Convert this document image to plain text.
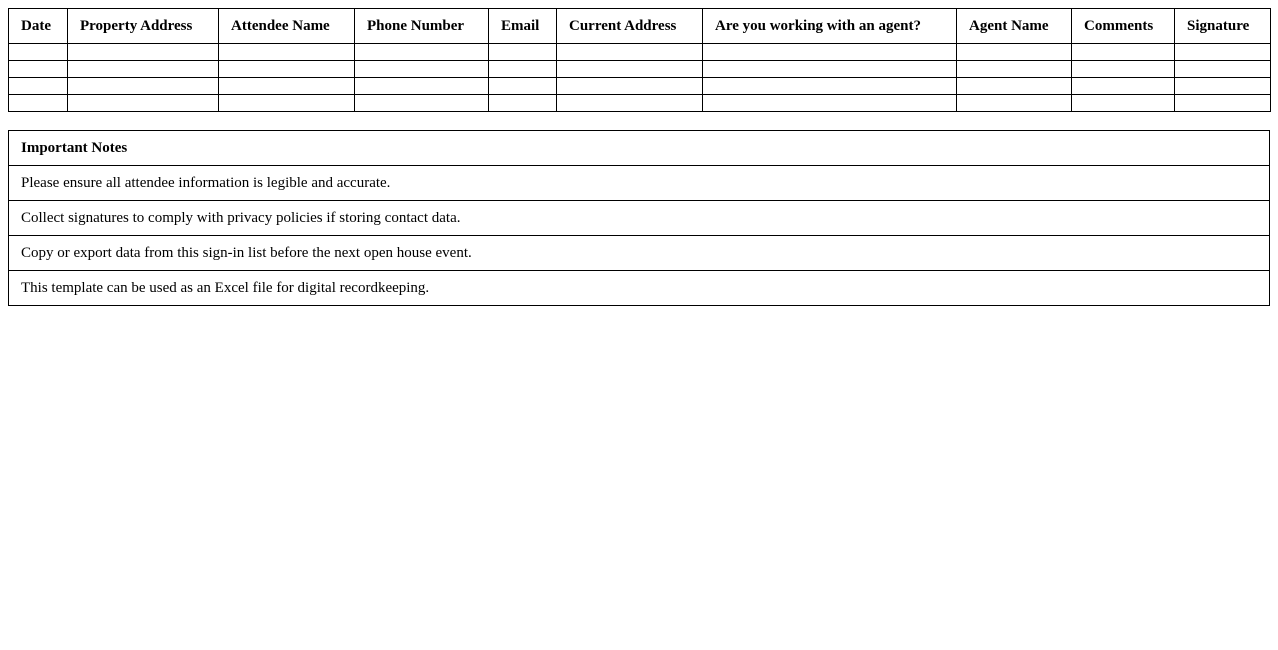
Date	Property Address	Attendee Name	Phone Number	Email	Current Address	Are you working with an agent?	Agent Name	Comments	Signature

Important Notes
Please ensure all attendee information is legible and accurate.
Collect signatures to comply with privacy policies if storing contact data.
Copy or export data from this sign-in list before the next open house event.
This template can be used as an Excel file for digital recordkeeping.
